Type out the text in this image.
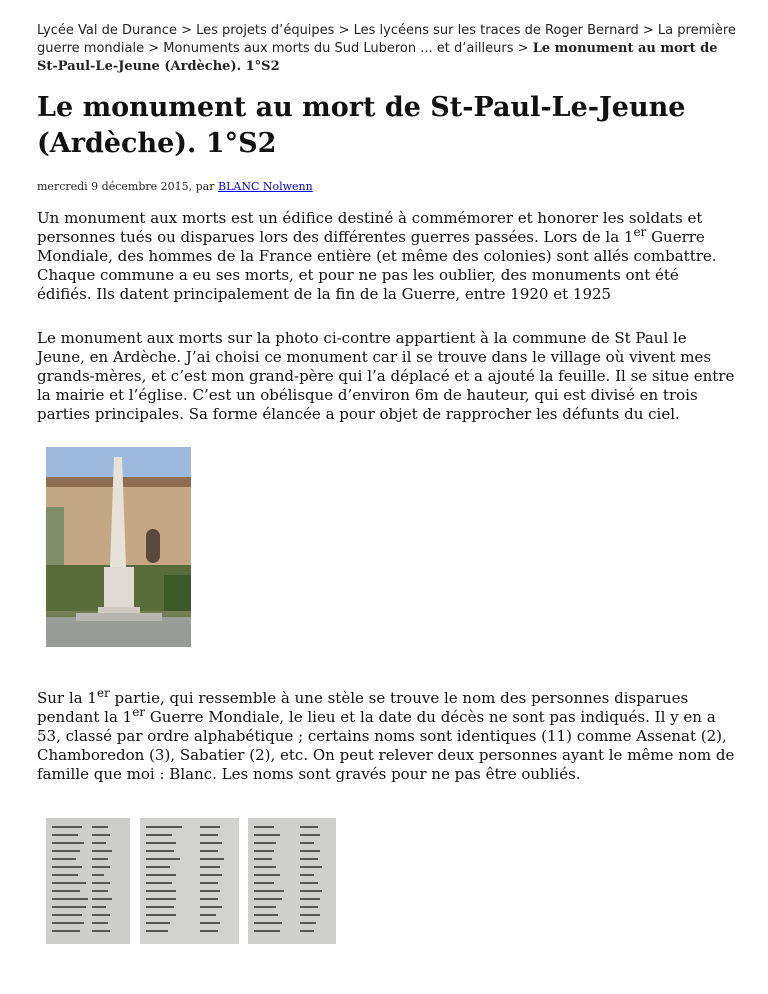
Lycée Val de Durance > Les projets d’équipes > Les lycéens sur les traces de Roger Bernard > La première guerre mondiale > Monuments aux morts du Sud Luberon ... et d’ailleurs > Le monument au mort de St-Paul-Le-Jeune (Ardèche). 1°S2
Le monument au mort de St-Paul-Le-Jeune (Ardèche). 1°S2
mercredi 9 décembre 2015, par BLANC Nolwenn

Un monument aux morts est un édifice destiné à commémorer et honorer les soldats et personnes tués ou disparues lors des différentes guerres passées. Lors de la 1er Guerre Mondiale, des hommes de la France entière (et même des colonies) sont allés combattre. Chaque commune a eu ses morts, et pour ne pas les oublier, des monuments ont été édifiés. Ils datent principalement de la fin de la Guerre, entre 1920 et 1925

Le monument aux morts sur la photo ci-contre appartient à la commune de St Paul le Jeune, en Ardèche. J’ai choisi ce monument car il se trouve dans le village où vivent mes grands-mères, et c’est mon grand-père qui l’a déplacé et a ajouté la feuille. Il se situe entre la mairie et l’église. C’est un obélisque d’environ 6m de hauteur, qui est divisé en trois parties principales. Sa forme élancée a pour objet de rapprocher les défunts du ciel.

Sur la 1er partie, qui ressemble à une stèle se trouve le nom des personnes disparues pendant la 1er Guerre Mondiale, le lieu et la date du décès ne sont pas indiqués. Il y en a 53, classé par ordre alphabétique ; certains noms sont identiques (11) comme Assenat (2), Chamboredon (3), Sabatier (2), etc. On peut relever deux personnes ayant le même nom de famille que moi : Blanc. Les noms sont gravés pour ne pas être oubliés.
